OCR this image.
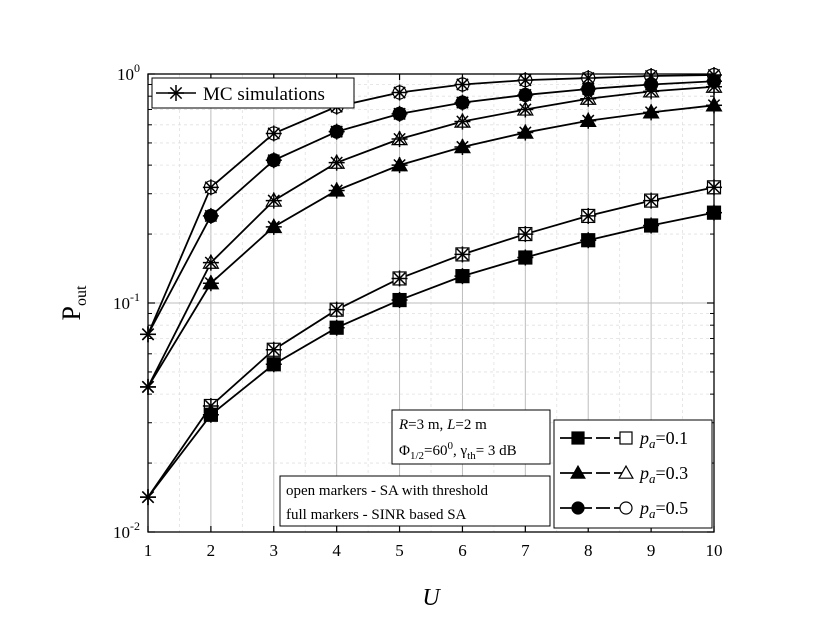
1	2	3	4	5	6	7	8	9	10
$10^{-2}$
$10^{-1}$
$10^0$
U
$P_{out}$
MC simulations
R=3 m, L=2 m
$\Phi_{1/2}=60^0$, $\gamma_{th}= 3$ dB
open markers - SA with threshold
full markers - SINR based SA
$p_a=0.1$
$p_a=0.3$
$p_a=0.5$
